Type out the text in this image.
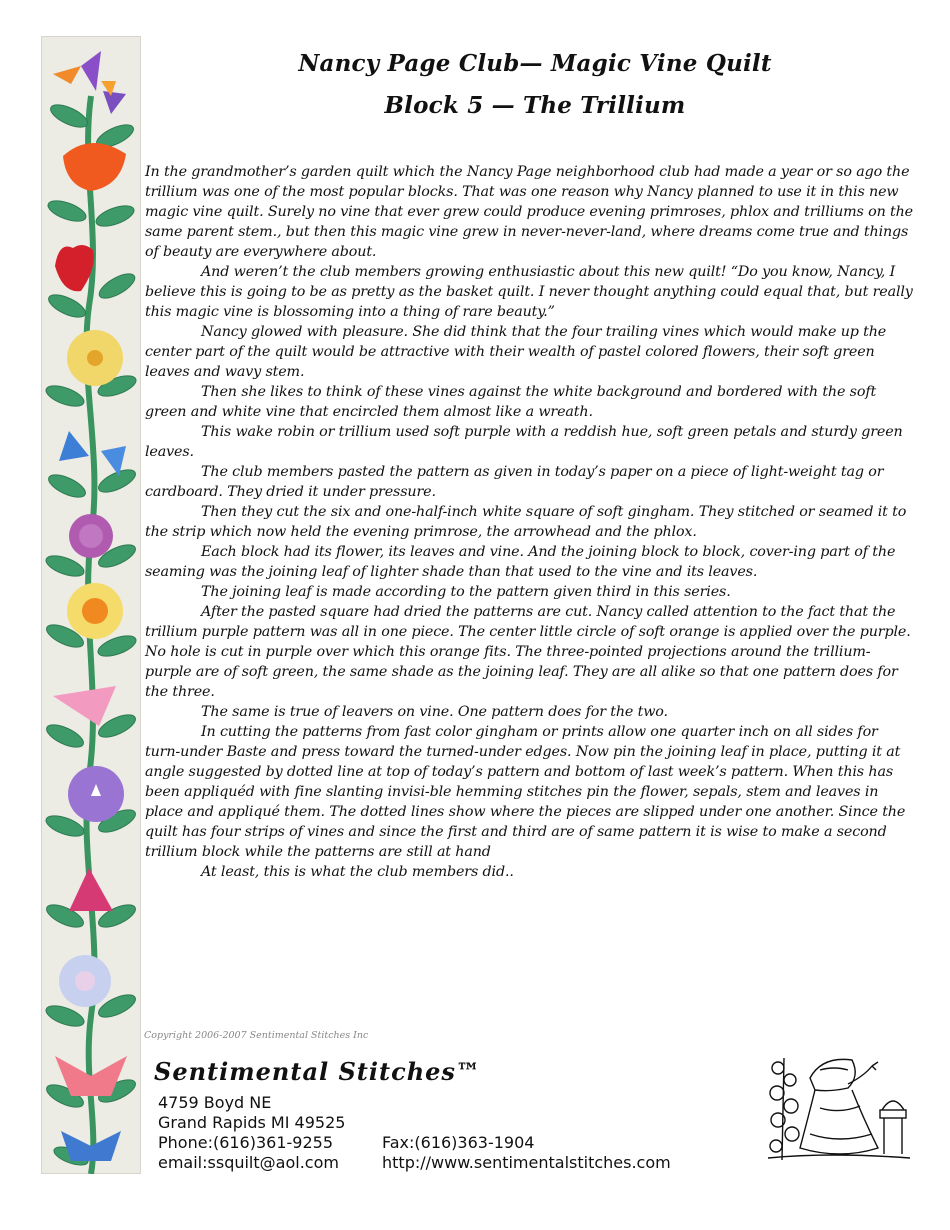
Nancy Page Club— Magic Vine Quilt
Block 5 — The Trillium

In the grandmother’s garden quilt which the Nancy Page neighborhood club had made a year or so ago the trillium was one of the most popular blocks. That was one reason why Nancy planned to use it in this new magic vine quilt. Surely no vine that ever grew could produce evening primroses, phlox and trilliums on the same parent stem., but then this magic vine grew in never-never-land, where dreams come true and things of beauty are everywhere about.

And weren’t the club members growing enthusiastic about this new quilt! “Do you know, Nancy, I believe this is going to be as pretty as the basket quilt. I never thought anything could equal that, but really this magic vine is blossoming into a thing of rare beauty.”

Nancy glowed with pleasure. She did think that the four trailing vines which would make up the center part of the quilt would be attractive with their wealth of pastel colored flowers, their soft green leaves and wavy stem.

Then she likes to think of these vines against the white background and bordered with the soft green and white vine that encircled them almost like a wreath.

This wake robin or trillium used soft purple with a reddish hue, soft green petals and sturdy green leaves.

The club members pasted the pattern as given in today’s paper on a piece of light-weight tag or cardboard. They dried it under pressure.

Then they cut the six and one-half-inch white square of soft gingham. They stitched or seamed it to the strip which now held the evening primrose, the arrowhead and the phlox.

Each block had its flower, its leaves and vine. And the joining block to block, cover-ing part of the seaming was the joining leaf of lighter shade than that used to the vine and its leaves.

The joining leaf is made according to the pattern given third in this series.

After the pasted square had dried the patterns are cut. Nancy called attention to the fact that the trillium purple pattern was all in one piece. The center little circle of soft orange is applied over the purple. No hole is cut in purple over which this orange fits. The three-pointed projections around the trillium-purple are of soft green, the same shade as the joining leaf. They are all alike so that one pattern does for the three.

The same is true of leavers on vine. One pattern does for the two.

In cutting the patterns from fast color gingham or prints allow one quarter inch on all sides for turn-under Baste and press toward the turned-under edges. Now pin the joining leaf in place, putting it at angle suggested by dotted line at top of today’s pattern and bottom of last week’s pattern. When this has been appliquéd with fine slanting invisi-ble hemming stitches pin the flower, sepals, stem and leaves in place and appliqué them. The dotted lines show where the pieces are slipped under one another. Since the quilt has four strips of vines and since the first and third are of same pattern it is wise to make a second trillium block while the patterns are still at hand

At least, this is what the club members did..

Copyright 2006-2007 Sentimental Stitches Inc
Sentimental Stitches™
4759 Boyd NE
Grand Rapids MI 49525
Phone:(616)361-9255	Fax:(616)363-1904
email:ssquilt@aol.com	http://www.sentimentalstitches.com
